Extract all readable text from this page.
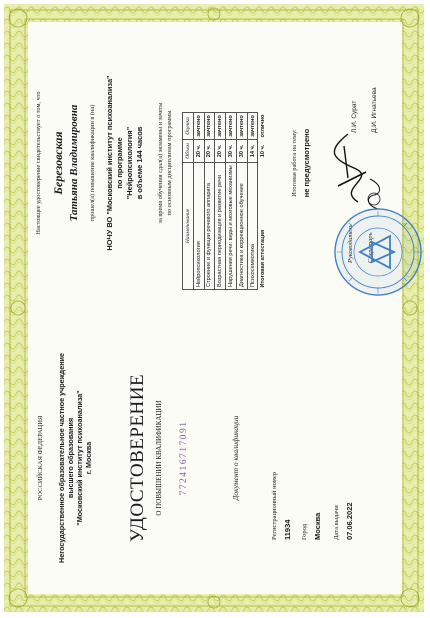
РОССИЙСКАЯ ФЕДЕРАЦИЯ Негосударственное образовательное частное учреждение высшего образования "Московский институт психоанализа" г. Москва УДОСТОВЕРЕНИЕ О ПОВЫШЕНИИ КВАЛИФИКАЦИИ 772416717091	Документ о квалификации
Регистрационный номер 11934 Город Москва Дата выдачи 07.06.2022
Настоящее удостоверение свидетельствует о том, что Березовская Татьяна Владимировна прошел(а) повышение квалификации в (на) НОЧУ ВО "Московский институт психоанализа" по программе "Нейропсихология" в объеме 144 часов за время обучения сдал(а) экзамены и зачеты по основным дисциплинам программы
Наименование	Объем	Оценка
Нейропсихология	20 ч.	зачтено
Строение и функции речевого аппарата	20 ч.	зачтено
Возрастная периодизация и развитие речи	20 ч.	зачтено
Нарушения речи: виды и мозговые механизмы	30 ч.	зачтено
Диагностика и коррекционное обучение	30 ч.	зачтено
Психосемиотика	14 ч.	зачтено
Итоговая аттестация	10 ч.	отлично
Итоговая работа на тему: не предусмотрено
Л.И. Сурат Д.И. Игнатьева
